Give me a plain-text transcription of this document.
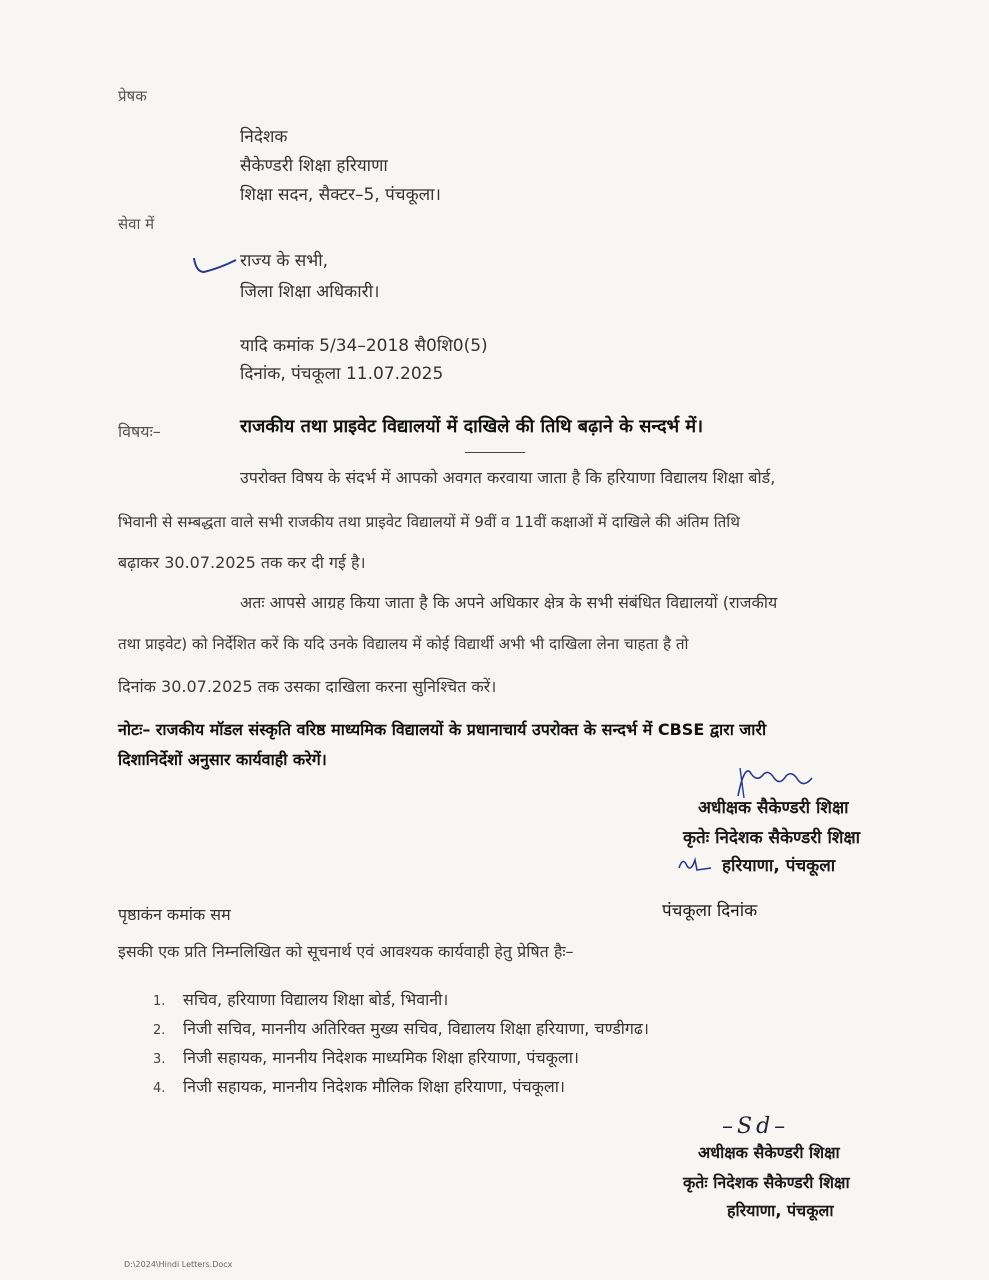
प्रेषक
निदेशक
सैकेण्डरी शिक्षा हरियाणा
शिक्षा सदन, सैक्टर–5, पंचकूला।
सेवा में
राज्य के सभी,
जिला शिक्षा अधिकारी।
यादि कमांक 5/34–2018 सै0शि0(5)
दिनांक, पंचकूला 11.07.2025
विषयः–	राजकीय तथा प्राइवेट विद्यालयों में दाखिले की तिथि बढ़ाने के सन्दर्भ में।
उपरोक्त विषय के संदर्भ में आपको अवगत करवाया जाता है कि हरियाणा विद्यालय शिक्षा बोर्ड,
भिवानी से सम्बद्धता वाले सभी राजकीय तथा प्राइवेट विद्यालयों में 9वीं व 11वीं कक्षाओं में दाखिले की अंतिम तिथि
बढ़ाकर 30.07.2025 तक कर दी गई है।
अतः आपसे आग्रह किया जाता है कि अपने अधिकार क्षेत्र के सभी संबंधित विद्यालयों (राजकीय
तथा प्राइवेट) को निर्देशित करें कि यदि उनके विद्यालय में कोई विद्यार्थी अभी भी दाखिला लेना चाहता है तो
दिनांक 30.07.2025 तक उसका दाखिला करना सुनिश्चित करें।
नोटः– राजकीय मॉडल संस्कृति वरिष्ठ माध्यमिक विद्यालयों के प्रधानाचार्य उपरोक्त के सन्दर्भ में CBSE द्वारा जारी
दिशानिर्देशों अनुसार कार्यवाही करेगें।
अधीक्षक सैकेण्डरी शिक्षा
कृतेः निदेशक सैकेण्डरी शिक्षा
हरियाणा, पंचकूला
पृष्ठाकंन कमांक सम	पंचकूला दिनांक
इसकी एक प्रति निम्नलिखित को सूचनार्थ एवं आवश्यक कार्यवाही हेतु प्रेषित हैः–
1. सचिव, हरियाणा विद्यालय शिक्षा बोर्ड, भिवानी।
2. निजी सचिव, माननीय अतिरिक्त मुख्य सचिव, विद्यालय शिक्षा हरियाणा, चण्डीगढ।
3. निजी सहायक, माननीय निदेशक माध्यमिक शिक्षा हरियाणा, पंचकूला।
4. निजी सहायक, माननीय निदेशक मौलिक शिक्षा हरियाणा, पंचकूला।
–Sd–
अधीक्षक सैकेण्डरी शिक्षा
कृतेः निदेशक सैकेण्डरी शिक्षा
हरियाणा, पंचकूला
D:\2024\Hindi Letters.Docx
